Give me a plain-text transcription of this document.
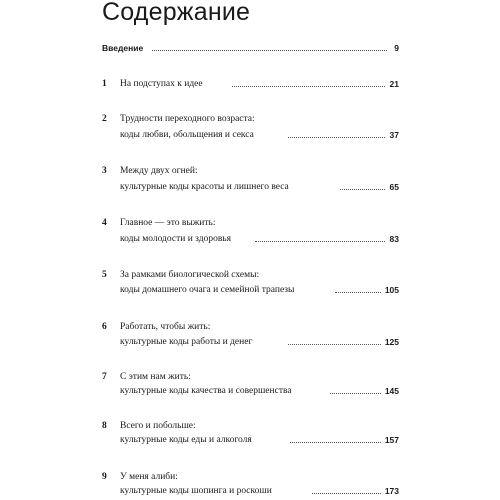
Содержание
Введение	9
1 На подступах к идее	21
2 Трудности переходного возраста:
коды любви, обольщения и секса	37
3 Между двух огней:
культурные коды красоты и лишнего веса	65
4 Главное — это выжить:
коды молодости и здоровья	83
5 За рамками биологической схемы:
коды домашнего очага и семейной трапезы	105
6 Работать, чтобы жить:
культурные коды работы и денег	125
7 С этим нам жить:
культурные коды качества и совершенства	145
8 Всего и побольше:
культурные коды еды и алкоголя	157
9 У меня алиби:
культурные коды шопинга и роскоши	173
